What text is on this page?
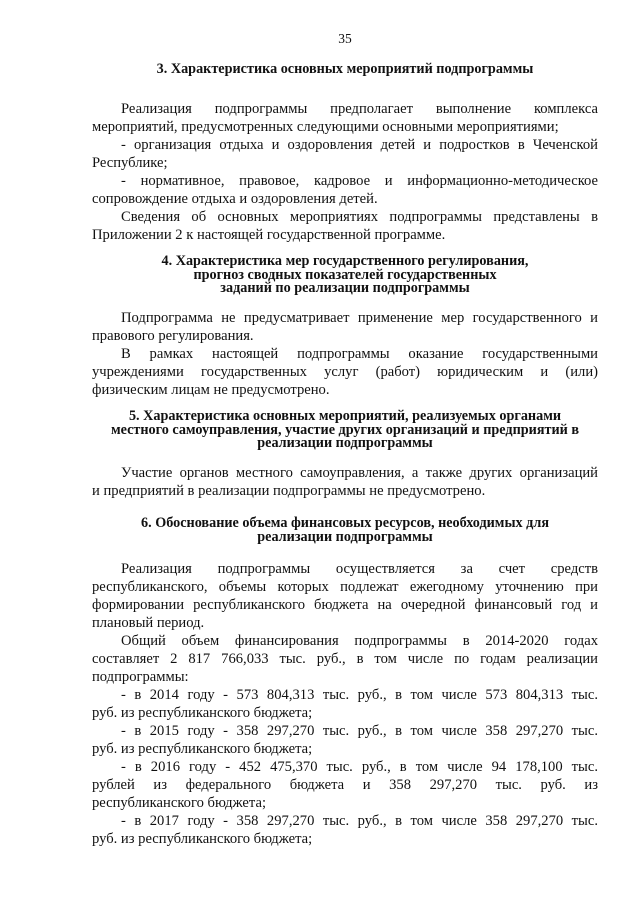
35
3. Характеристика основных мероприятий подпрограммы
Реализация подпрограммы предполагает выполнение комплекса
мероприятий, предусмотренных следующими основными мероприятиями;
- организация отдыха и оздоровления детей и подростков в Чеченской
Республике;
- нормативное, правовое, кадровое и информационно-методическое
сопровождение отдыха и оздоровления детей.
Сведения об основных мероприятиях подпрограммы представлены в
Приложении 2 к настоящей государственной программе.
4. Характеристика мер государственного регулирования,
прогноз сводных показателей государственных
заданий по реализации подпрограммы
Подпрограмма не предусматривает применение мер государственного и
правового регулирования.
В рамках настоящей подпрограммы оказание государственными
учреждениями государственных услуг (работ) юридическим и (или)
физическим лицам не предусмотрено.
5. Характеристика основных мероприятий, реализуемых органами
местного самоуправления, участие других организаций и предприятий в
реализации подпрограммы
Участие органов местного самоуправления, а также других организаций
и предприятий в реализации подпрограммы не предусмотрено.
6. Обоснование объема финансовых ресурсов, необходимых для
реализации подпрограммы
Реализация подпрограммы осуществляется за счет средств
республиканского, объемы которых подлежат ежегодному уточнению при
формировании республиканского бюджета на очередной финансовый год и
плановый период.
Общий объем финансирования подпрограммы в 2014-2020 годах
составляет 2 817 766,033 тыс. руб., в том числе по годам реализации
подпрограммы:
- в 2014 году - 573 804,313 тыс. руб., в том числе 573 804,313 тыс.
руб. из республиканского бюджета;
- в 2015 году - 358 297,270 тыс. руб., в том числе 358 297,270 тыс.
руб. из республиканского бюджета;
- в 2016 году - 452 475,370 тыс. руб., в том числе 94 178,100 тыс.
рублей из федерального бюджета и 358 297,270 тыс. руб. из
республиканского бюджета;
- в 2017 году - 358 297,270 тыс. руб., в том числе 358 297,270 тыс.
руб. из республиканского бюджета;
